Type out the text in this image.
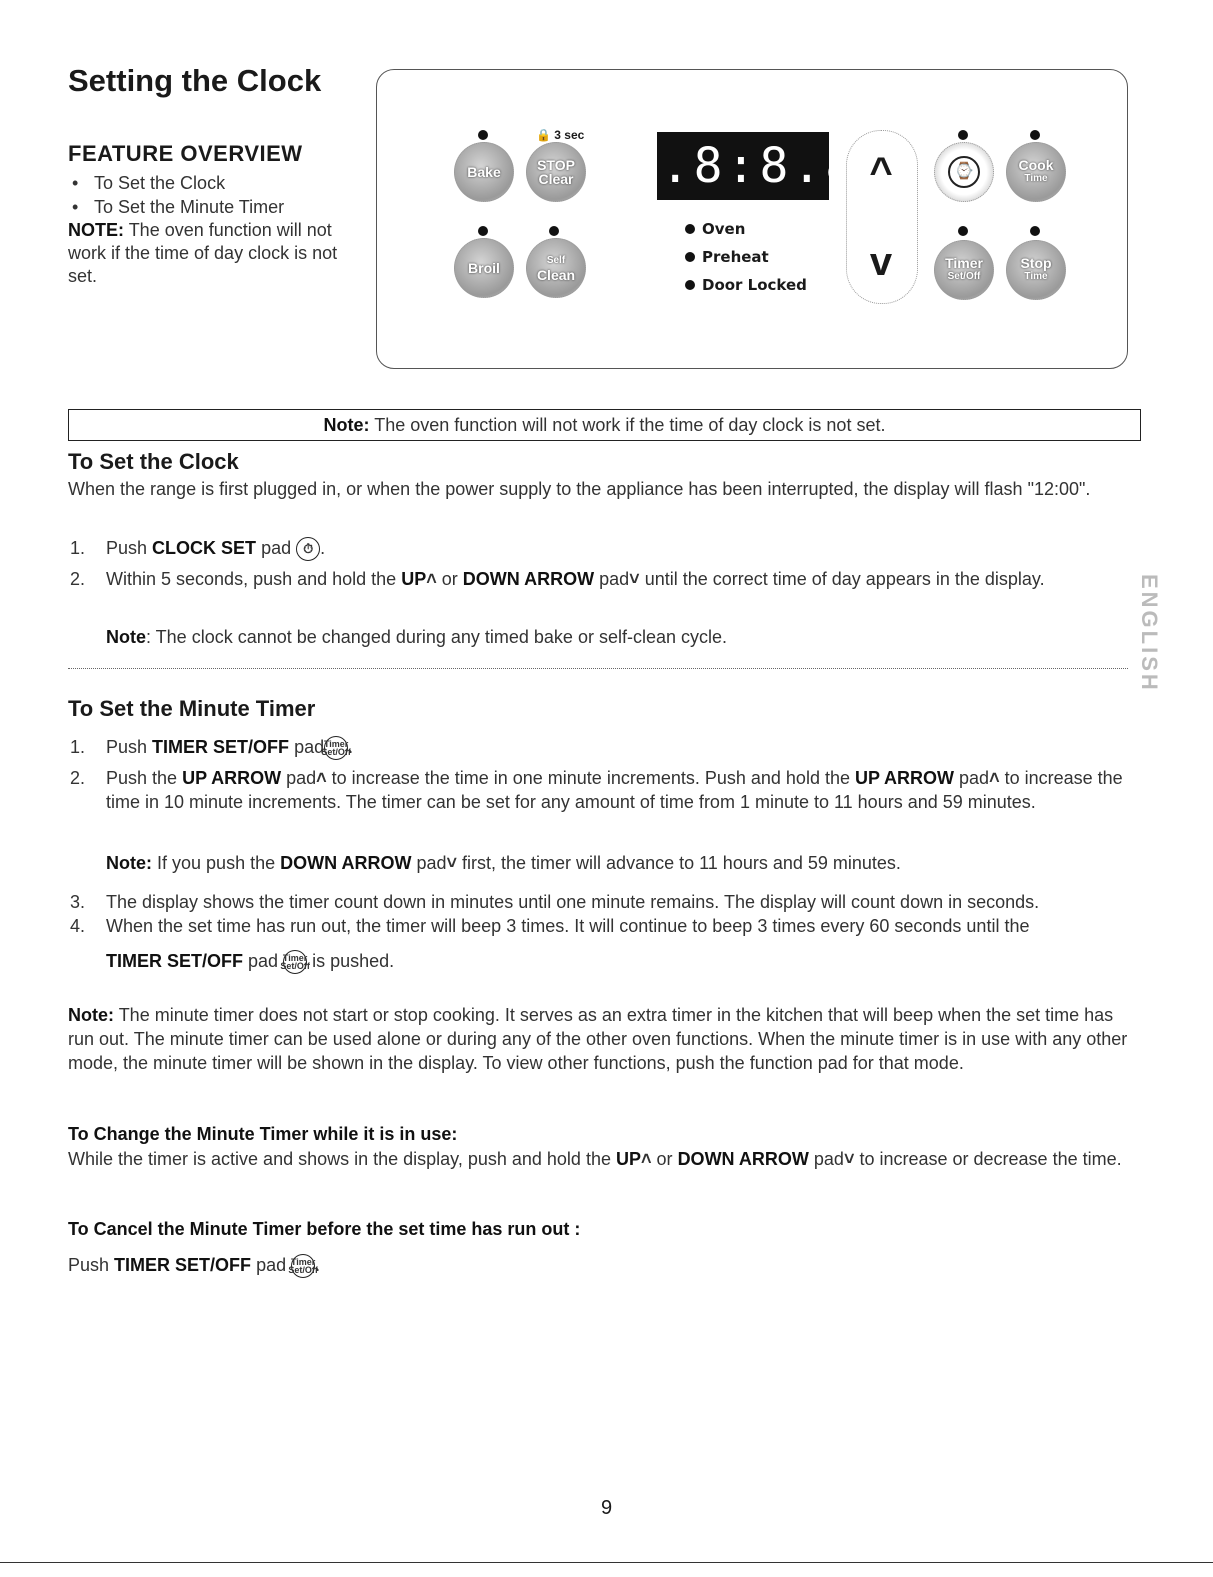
Setting the Clock
FEATURE OVERVIEW
• To Set the Clock
• To Set the Minute Timer
NOTE: The oven function will not work if the time of day clock is not set.
🔒 3 sec
Bake	STOP
Clear
Broil	Self
Clean
8.8:8.8
Oven
Preheat
Door Locked
^
v
⌚	Cook
Time
Timer
Set/Off
Stop
Time
Note: The oven function will not work if the time of day clock is not set.
To Set the Clock
When the range is first plugged in, or when the power supply to the appliance has been interrupted, the display will flash "12:00".
1. Push CLOCK SET pad ⏱ .
2. Within 5 seconds, push and hold the UP ˄ or DOWN ARROW pad ˅ until the correct time of day appears in the display.
Note: The clock cannot be changed during any timed bake or self-clean cycle.	ENGLISH
To Set the Minute Timer
1. Push TIMER SET/OFF pad Timer
Set/Off
.
2. Push the UP ARROW pad ˄ to increase the time in one minute increments. Push and hold the UP ARROW pad ˄ to increase the time in 10 minute increments. The timer can be set for any amount of time from 1 minute to 11 hours and 59 minutes.
Note: If you push the DOWN ARROW pad ˅ first, the timer will advance to 11 hours and 59 minutes.
3. The display shows the timer count down in minutes until one minute remains. The display will count down in seconds.
4. When the set time has run out, the timer will beep 3 times. It will continue to beep 3 times every 60 seconds until the
TIMER SET/OFF pad Timer
Set/Off is pushed.
Note: The minute timer does not start or stop cooking. It serves as an extra timer in the kitchen that will beep when the set time has run out. The minute timer can be used alone or during any of the other oven functions. When the minute timer is in use with any other mode, the minute timer will be shown in the display. To view other functions, push the function pad for that mode.
To Change the Minute Timer while it is in use:
While the timer is active and shows in the display, push and hold the UP ˄ or DOWN ARROW pad ˅ to increase or decrease the time.
To Cancel the Minute Timer before the set time has run out :
Push TIMER SET/OFF pad Timer
Set/Off
.
9
